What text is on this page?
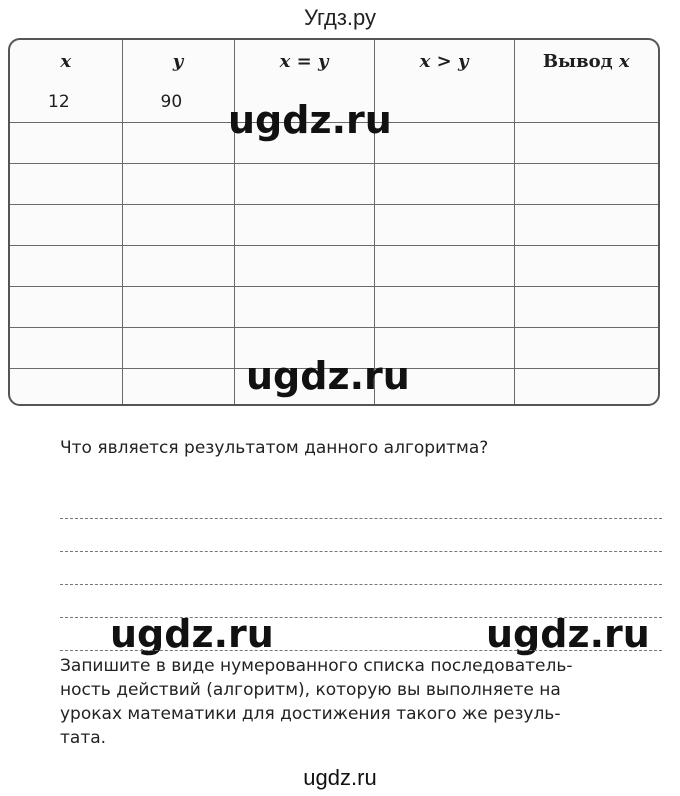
Угдз.ру
x	y	x = y	x > y	Вывод x
12	90			

				ugdz.ru
ugdz.ru
ugdz.ru	ugdz.ru
Что является результатом данного алгоритма?
Запишите в виде нумерованного списка последователь-
ность действий (алгоритм), которую вы выполняете на
уроках математики для достижения такого же резуль-
тата.
ugdz.ru
